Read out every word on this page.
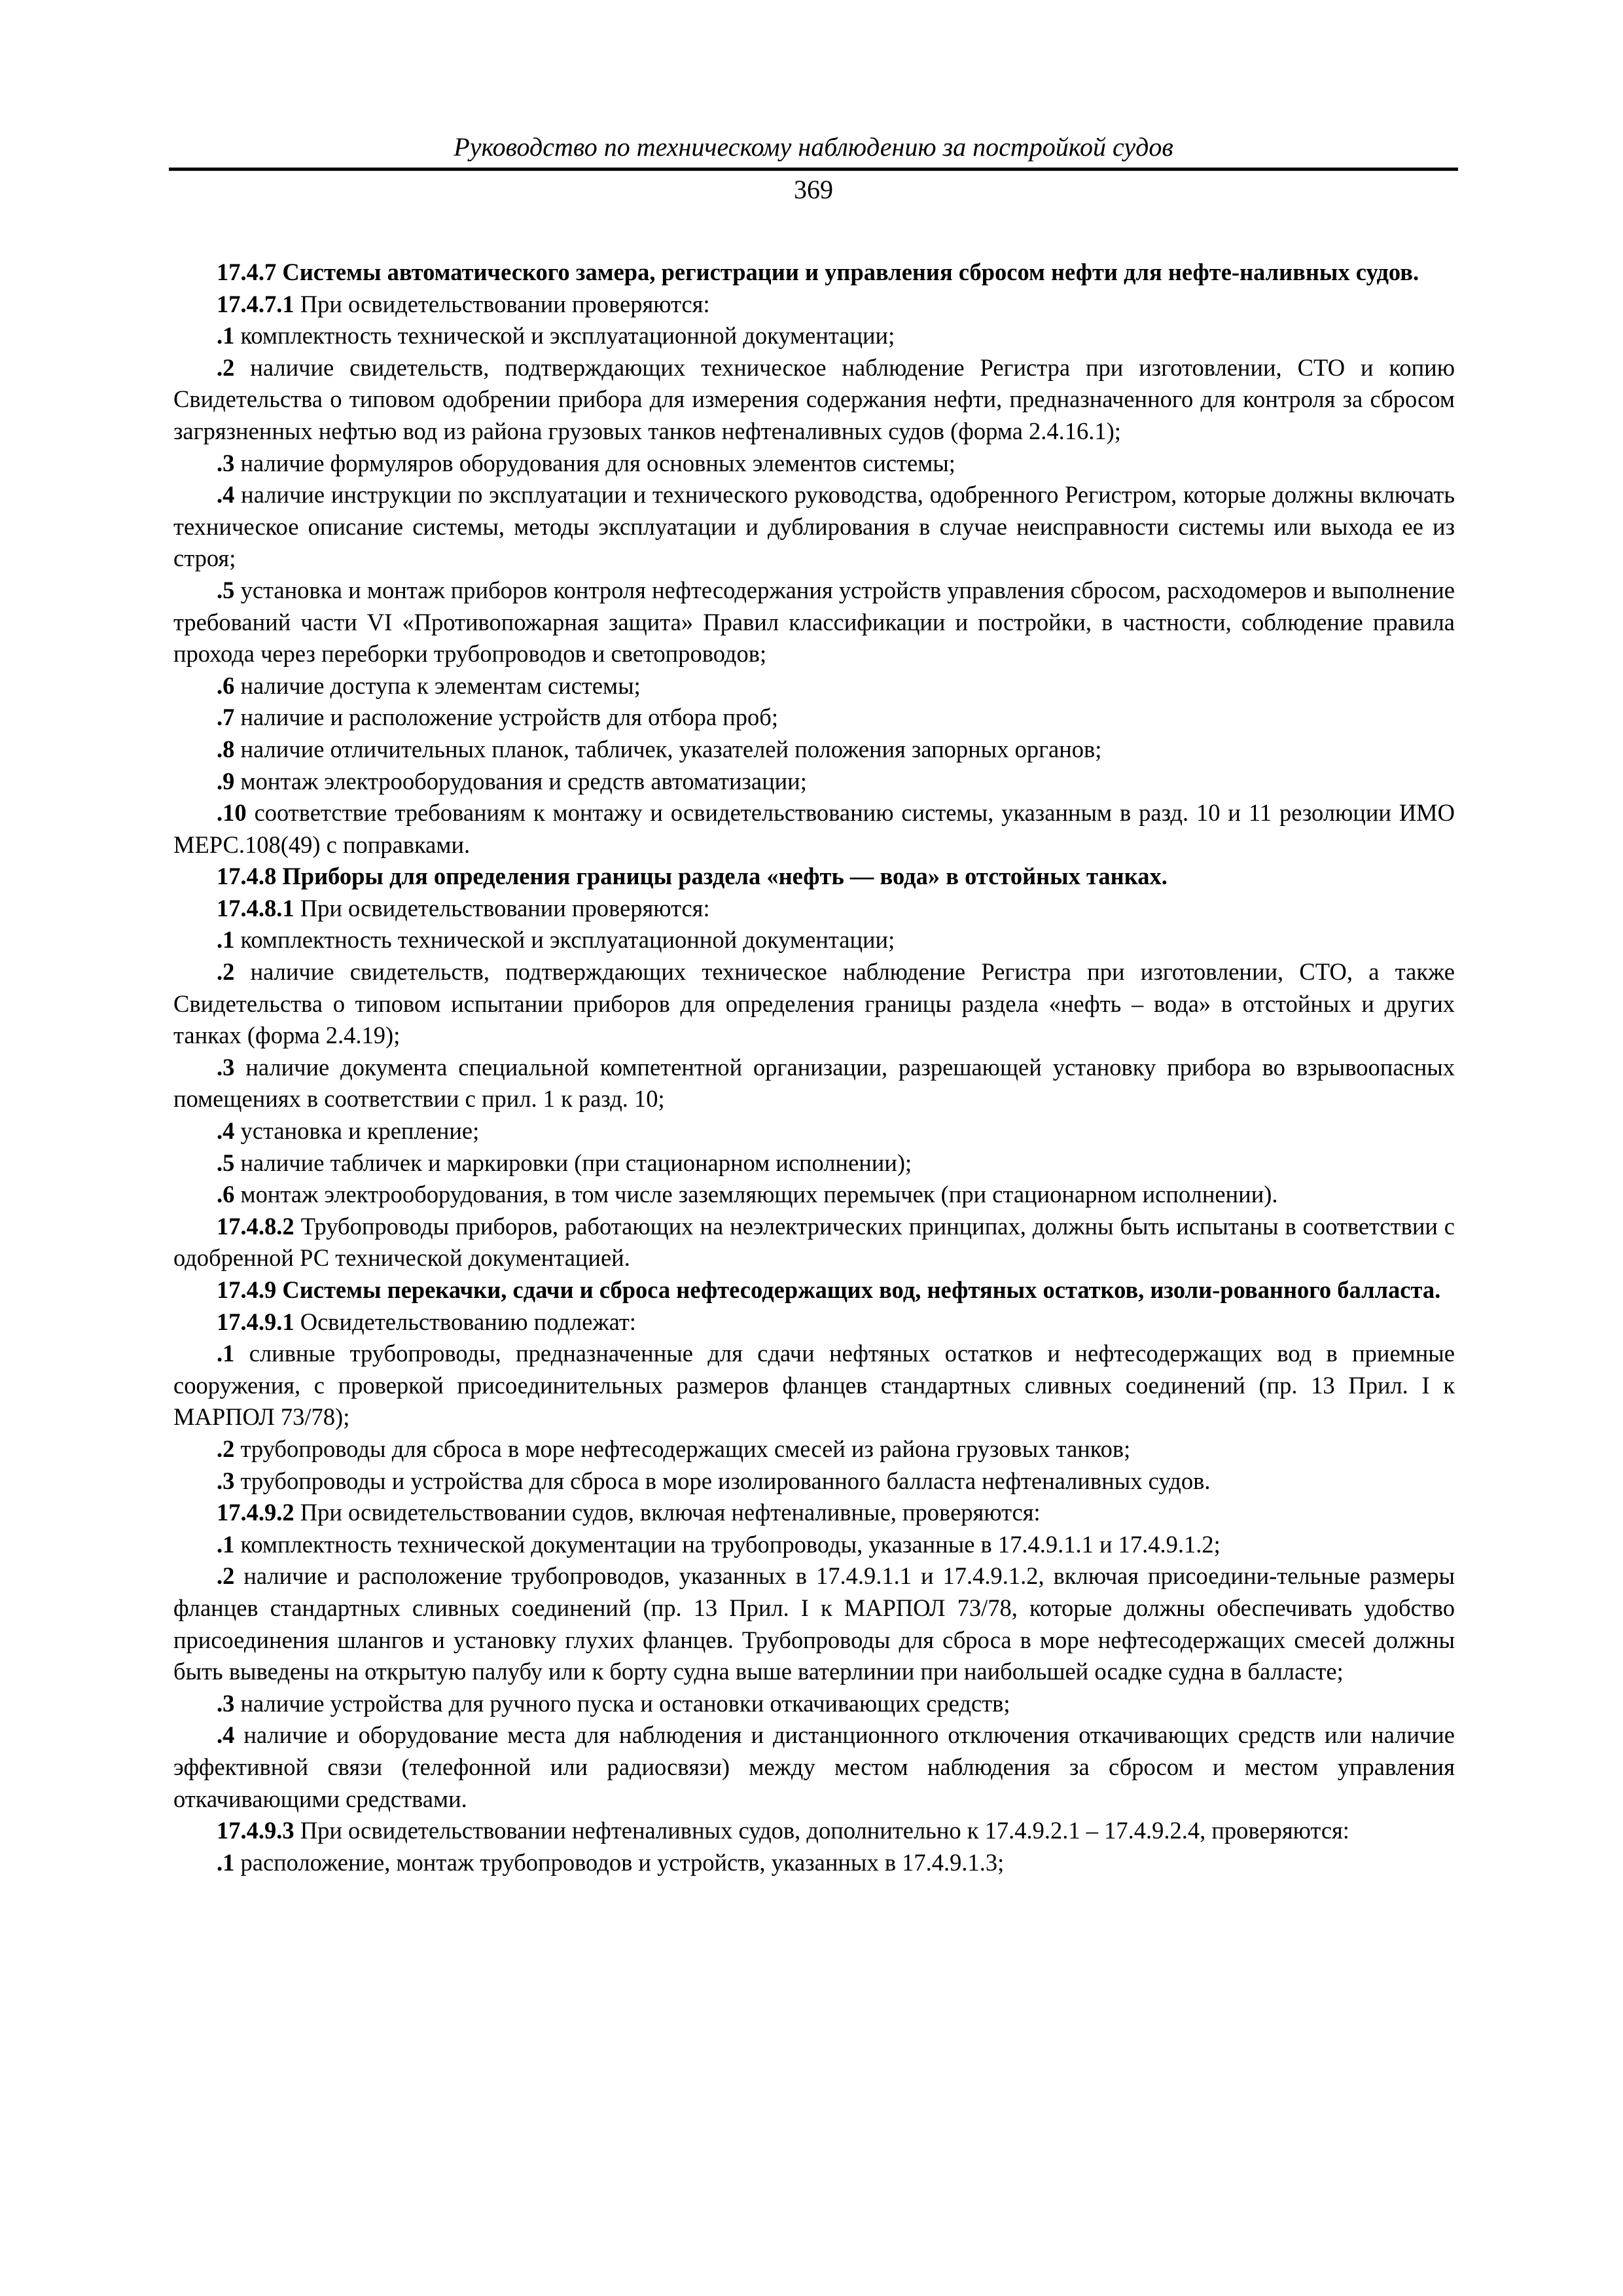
Руководство по техническому наблюдению за постройкой судов
369

17.4.7 Системы автоматического замера, регистрации и управления сбросом нефти для нефте-наливных судов.

17.4.7.1 При освидетельствовании проверяются:

.1 комплектность технической и эксплуатационной документации;

.2 наличие свидетельств, подтверждающих техническое наблюдение Регистра при изготовлении, СТО и копию Свидетельства о типовом одобрении прибора для измерения содержания нефти, предназначенного для контроля за сбросом загрязненных нефтью вод из района грузовых танков нефтеналивных судов (форма 2.4.16.1);

.3 наличие формуляров оборудования для основных элементов системы;

.4 наличие инструкции по эксплуатации и технического руководства, одобренного Регистром, которые должны включать техническое описание системы, методы эксплуатации и дублирования в случае неисправности системы или выхода ее из строя;

.5 установка и монтаж приборов контроля нефтесодержания устройств управления сбросом, расходомеров и выполнение требований части VI «Противопожарная защита» Правил классификации и постройки, в частности, соблюдение правила прохода через переборки трубопроводов и светопроводов;

.6 наличие доступа к элементам системы;

.7 наличие и расположение устройств для отбора проб;

.8 наличие отличительных планок, табличек, указателей положения запорных органов;

.9 монтаж электрооборудования и средств автоматизации;

.10 соответствие требованиям к монтажу и освидетельствованию системы, указанным в разд. 10 и 11 резолюции ИМО МЕРС.108(49) с поправками.

17.4.8 Приборы для определения границы раздела «нефть — вода» в отстойных танках.

17.4.8.1 При освидетельствовании проверяются:

.1 комплектность технической и эксплуатационной документации;

.2 наличие свидетельств, подтверждающих техническое наблюдение Регистра при изготовлении, СТО, а также Свидетельства о типовом испытании приборов для определения границы раздела «нефть – вода» в отстойных и других танках (форма 2.4.19);

.3 наличие документа специальной компетентной организации, разрешающей установку прибора во взрывоопасных помещениях в соответствии с прил. 1 к разд. 10;

.4 установка и крепление;

.5 наличие табличек и маркировки (при стационарном исполнении);

.6 монтаж электрооборудования, в том числе заземляющих перемычек (при стационарном исполнении).

17.4.8.2 Трубопроводы приборов, работающих на неэлектрических принципах, должны быть испытаны в соответствии с одобренной РС технической документацией.

17.4.9 Системы перекачки, сдачи и сброса нефтесодержащих вод, нефтяных остатков, изоли-рованного балласта.

17.4.9.1 Освидетельствованию подлежат:

.1 сливные трубопроводы, предназначенные для сдачи нефтяных остатков и нефтесодержащих вод в приемные сооружения, с проверкой присоединительных размеров фланцев стандартных сливных соединений (пр. 13 Прил. I к МАРПОЛ 73/78);

.2 трубопроводы для сброса в море нефтесодержащих смесей из района грузовых танков;

.3 трубопроводы и устройства для сброса в море изолированного балласта нефтеналивных судов.

17.4.9.2 При освидетельствовании судов, включая нефтеналивные, проверяются:

.1 комплектность технической документации на трубопроводы, указанные в 17.4.9.1.1 и 17.4.9.1.2;

.2 наличие и расположение трубопроводов, указанных в 17.4.9.1.1 и 17.4.9.1.2, включая присоедини-тельные размеры фланцев стандартных сливных соединений (пр. 13 Прил. I к МАРПОЛ 73/78, которые должны обеспечивать удобство присоединения шлангов и установку глухих фланцев. Трубопроводы для сброса в море нефтесодержащих смесей должны быть выведены на открытую палубу или к борту судна выше ватерлинии при наибольшей осадке судна в балласте;

.3 наличие устройства для ручного пуска и остановки откачивающих средств;

.4 наличие и оборудование места для наблюдения и дистанционного отключения откачивающих средств или наличие эффективной связи (телефонной или радиосвязи) между местом наблюдения за сбросом и местом управления откачивающими средствами.

17.4.9.3 При освидетельствовании нефтеналивных судов, дополнительно к 17.4.9.2.1 – 17.4.9.2.4, проверяются:

.1 расположение, монтаж трубопроводов и устройств, указанных в 17.4.9.1.3;
